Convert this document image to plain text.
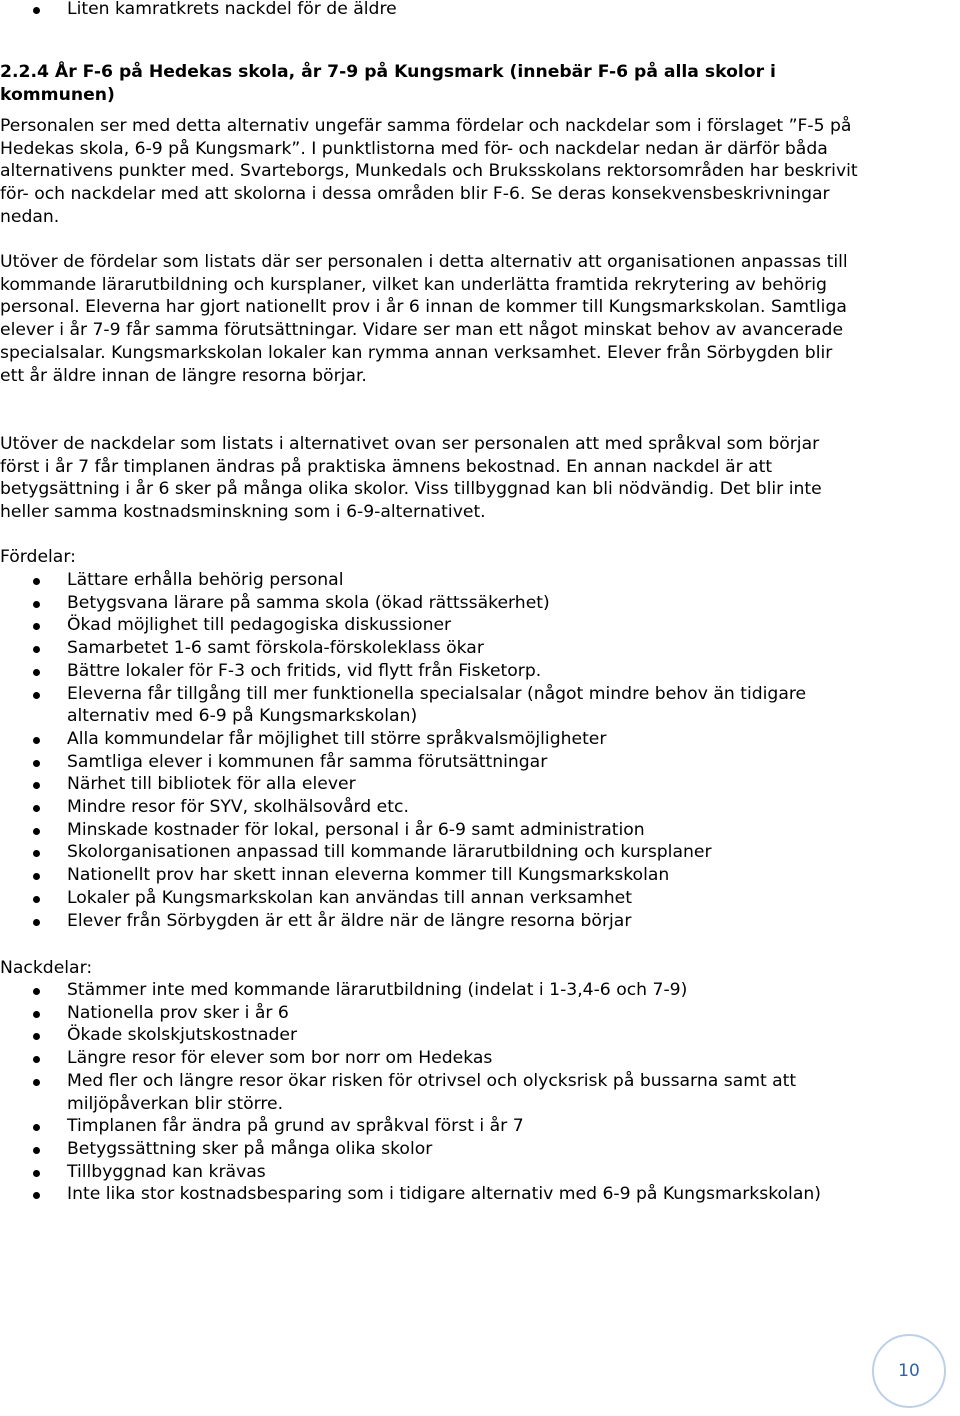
Liten kamratkrets nackdel för de äldre
2.2.4 År F-6 på Hedekas skola, år 7-9 på Kungsmark (innebär F-6 på alla skolor i kommunen)

Personalen ser med detta alternativ ungefär samma fördelar och nackdelar som i förslaget ”F-5 på Hedekas skola, 6-9 på Kungsmark”. I punktlistorna med för- och nackdelar nedan är därför båda alternativens punkter med. Svarteborgs, Munkedals och Bruksskolans rektorsområden har beskrivit för- och nackdelar med att skolorna i dessa områden blir F-6. Se deras konsekvensbeskrivningar nedan.

Utöver de fördelar som listats där ser personalen i detta alternativ att organisationen anpassas till kommande lärarutbildning och kursplaner, vilket kan underlätta framtida rekrytering av behörig personal. Eleverna har gjort nationellt prov i år 6 innan de kommer till Kungsmarkskolan. Samtliga elever i år 7-9 får samma förutsättningar. Vidare ser man ett något minskat behov av avancerade specialsalar. Kungsmarkskolan lokaler kan rymma annan verksamhet. Elever från Sörbygden blir ett år äldre innan de längre resorna börjar.

Utöver de nackdelar som listats i alternativet ovan ser personalen att med språkval som börjar först i år 7 får timplanen ändras på praktiska ämnens bekostnad. En annan nackdel är att betygsättning i år 6 sker på många olika skolor. Viss tillbyggnad kan bli nödvändig. Det blir inte heller samma kostnadsminskning som i 6-9-alternativet.

Fördelar:
Lättare erhålla behörig personal
Betygsvana lärare på samma skola (ökad rättssäkerhet)
Ökad möjlighet till pedagogiska diskussioner
Samarbetet 1-6 samt förskola-förskoleklass ökar
Bättre lokaler för F-3 och fritids, vid flytt från Fisketorp.
Eleverna får tillgång till mer funktionella specialsalar (något mindre behov än tidigare alternativ med 6-9 på Kungsmarkskolan)
Alla kommundelar får möjlighet till större språkvalsmöjligheter
Samtliga elever i kommunen får samma förutsättningar
Närhet till bibliotek för alla elever
Mindre resor för SYV, skolhälsovård etc.
Minskade kostnader för lokal, personal i år 6-9 samt administration
Skolorganisationen anpassad till kommande lärarutbildning och kursplaner
Nationellt prov har skett innan eleverna kommer till Kungsmarkskolan
Lokaler på Kungsmarkskolan kan användas till annan verksamhet
Elever från Sörbygden är ett år äldre när de längre resorna börjar
Nackdelar:
Stämmer inte med kommande lärarutbildning (indelat i 1-3,4-6 och 7-9)
Nationella prov sker i år 6
Ökade skolskjutskostnader
Längre resor för elever som bor norr om Hedekas
Med fler och längre resor ökar risken för otrivsel och olycksrisk på bussarna samt att miljöpåverkan blir större.
Timplanen får ändra på grund av språkval först i år 7
Betygssättning sker på många olika skolor
Tillbyggnad kan krävas
Inte lika stor kostnadsbesparing som i tidigare alternativ med 6-9 på Kungsmarkskolan)
10
